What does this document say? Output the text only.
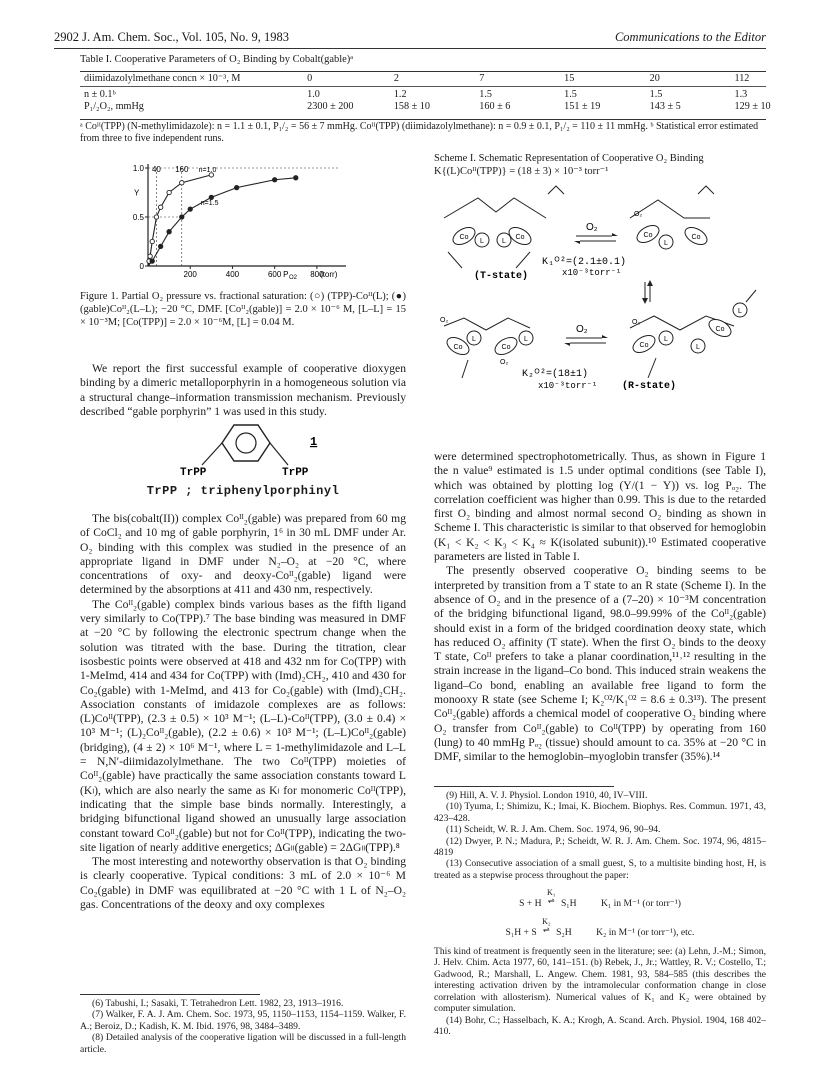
2902 J. Am. Chem. Soc., Vol. 105, No. 9, 1983	Communications to the Editor
Table I. Cooperative Parameters of O₂ Binding by Cobalt(gable)ᵃ
diimidazolylmethane concn × 10⁻³, M	0	2	7	15	20	112
n ± 0.1ᵇ	1.0	1.2	1.5	1.5	1.5	1.3
P₁/₂O₂, mmHg	2300 ± 200	158 ± 10	160 ± 6	151 ± 19	143 ± 5	129 ± 10
ᵃ Coᴵᴵ(TPP) (N-methylimidazole): n = 1.1 ± 0.1, P₁/₂ = 56 ± 7 mmHg. Coᴵᴵ(TPP) (diimidazolylmethane): n = 0.9 ± 0.1, P₁/₂ = 110 ± 11 mmHg. ᵇ Statistical error estimated from three to five independent runs.
1.0
0.5
0
200	400	600	800
40 160
Y
P O2	(torr)
n=1.0
n=1.5
Figure 1. Partial O₂ pressure vs. fractional saturation: (○) (TPP)-Coᴵᴵ(L); (●) (gable)Coᴵᴵ₂(L–L); −20 °C, DMF. [Coᴵᴵ₂(gable)] = 2.0 × 10⁻⁶ M, [L–L] = 15 × 10⁻³M; [Co(TPP)] = 2.0 × 10⁻⁶M, [L] = 0.04 M.

We report the first successful example of cooperative dioxygen binding by a dimeric metalloporphyrin in a homogeneous solution via a structural change–information transmission mechanism. Previously described “gable porphyrin” 1 was used in this study.

TrPP	TrPP
1
TrPP ; triphenylporphinyl

The bis(cobalt(II)) complex Coᴵᴵ₂(gable) was prepared from 60 mg of CoCl₂ and 10 mg of gable porphyrin, 1⁶ in 30 mL DMF under Ar. O₂ binding with this complex was studied in the presence of an appropriate ligand in DMF under N₂–O₂ at −20 °C, where concentrations of oxy- and deoxy-Coᴵᴵ₂(gable) ligand were determined by the absorptions at 411 and 430 nm, respectively.

The Coᴵᴵ₂(gable) complex binds various bases as the fifth ligand very similarly to Co(TPP).⁷ The base binding was measured in DMF at −20 °C by following the electronic spectrum change when the solution was titrated with the base. During the titration, clear isosbestic points were observed at 418 and 432 nm for Co(TPP) with 1-MeImd, 414 and 434 for Co(TPP) with (Imd)₂CH₂, 410 and 430 for Co₂(gable) with 1-MeImd, and 413 for Co₂(gable) with (Imd)₂CH₂. Association constants of imidazole complexes are as follows: (L)Coᴵᴵ(TPP), (2.3 ± 0.5) × 10³ M⁻¹; (L–L)-Coᴵᴵ(TPP), (3.0 ± 0.4) × 10³ M⁻¹; (L)₂Coᴵᴵ₂(gable), (2.2 ± 0.6) × 10³ M⁻¹; (L–L)Coᴵᴵ₂(gable) (bridging), (4 ± 2) × 10⁶ M⁻¹, where L = 1-methylimidazole and L–L = N,N′-diimidazolylmethane. The two Coᴵᴵ(TPP) moieties of Coᴵᴵ₂(gable) have practically the same association constants toward L (Kₗ), which are also nearly the same as Kₗ for monomeric Coᴵᴵ(TPP), indicating that the simple base binds normally. Interestingly, a bridging bifunctional ligand showed an unusually large association constant toward Coᴵᴵ₂(gable) but not for Coᴵᴵ(TPP), indicating the two-site ligation of nearly additive energetics; ΔGₗₗ(gable) = 2ΔGₗₗ(TPP).⁸

The most interesting and noteworthy observation is that O₂ binding is clearly cooperative. Typical conditions: 3 mL of 2.0 × 10⁻⁶ M Co₂(gable) in DMF was equilibrated at −20 °C with 1 L of N₂–O₂ gas. Concentrations of the deoxy and oxy complexes

(6) Tabushi, I.; Sasaki, T. Tetrahedron Lett. 1982, 23, 1913–1916.

(7) Walker, F. A. J. Am. Chem. Soc. 1973, 95, 1150–1153, 1154–1159. Walker, F. A.; Beroiz, D.; Kadish, K. M. Ibid. 1976, 98, 3484–3489.

(8) Detailed analysis of the cooperative ligation will be discussed in a full-length article.

Scheme I. Schematic Representation of Cooperative O₂ Binding K{(L)Coᴵᴵ(TPP)} = (18 ± 3) × 10⁻³ torr⁻¹
Co	Co
L	L
Co	Co
L
O₂
Co	Co
L	L
O₂
O₂
Co
Co
L
L
L
O₂
O₂
O₂
K₁ᴼ²=(2.1±0.1)
x10⁻³torr⁻¹
K₂ᴼ²=(18±1)
x10⁻³torr⁻¹
(T-state)
(R-state)

were determined spectrophotometrically. Thus, as shown in Figure 1 the n value⁹ estimated is 1.5 under optimal conditions (see Table I), which was obtained by plotting log (Y/(1 − Y)) vs. log Pₒ₂. The correlation coefficient was higher than 0.99. This is due to the retarded first O₂ binding and almost normal second O₂ binding as shown in Scheme I. This characteristic is similar to that observed for hemoglobin (K₁ < K₂ < K₃ < K₄ ≈ K(isolated subunit)).¹⁰ Estimated cooperative parameters are listed in Table I.

The presently observed cooperative O₂ binding seems to be interpreted by transition from a T state to an R state (Scheme I). In the absence of O₂ and in the presence of a (7–20) × 10⁻³M concentration of the bridging bifunctional ligand, 98.0–99.99% of the Coᴵᴵ₂(gable) should exist in a form of the bridged coordination deoxy state, which has reduced O₂ affinity (T state). When the first O₂ binds to the deoxy T state, Coᴵᴵ prefers to take a planar coordination,¹¹˒¹² resulting in the strain increase in the ligand–Co bond. This induced strain weakens the ligand–Co bond, enabling an available free ligand to form the monooxy R state (see Scheme I; K₂ᴼ²/K₁ᴼ² = 8.6 ± 0.3¹³). The present Coᴵᴵ₂(gable) affords a chemical model of cooperative O₂ binding where O₂ transfer from Coᴵᴵ₂(gable) to Coᴵᴵ(TPP) by operating from 160 (lung) to 40 mmHg Pₒ₂ (tissue) should amount to ca. 35% at −20 °C in DMF, similar to the hemoglobin–myoglobin transfer (35%).¹⁴

(9) Hill, A. V. J. Physiol. London 1910, 40, IV–VIII.

(10) Tyuma, I.; Shimizu, K.; Imai, K. Biochem. Biophys. Res. Commun. 1971, 43, 423–428.

(11) Scheidt, W. R. J. Am. Chem. Soc. 1974, 96, 90–94.

(12) Dwyer, P. N.; Madura, P.; Scheidt, W. R. J. Am. Chem. Soc. 1974, 96, 4815–4819

(13) Consecutive association of a small guest, S, to a multisite binding host, H, is treated as a stepwise process throughout the paper:

S + H K₁
⇌ S₁H	K₁ in M⁻¹ (or torr⁻¹)
S₁H + S K₂
⇌ S₂H	K₂ in M⁻¹ (or torr⁻¹), etc.

This kind of treatment is frequently seen in the literature; see: (a) Lehn, J.-M.; Simon, J. Helv. Chim. Acta 1977, 60, 141–151. (b) Rebek, J., Jr.; Wattley, R. V.; Costello, T.; Gadwood, R.; Marshall, L. Angew. Chem. 1981, 93, 584–585 (this describes the interesting activation driven by the intramolecular conformation change in close correlation with allosterism). Numerical values of K₁ and K₂ were obtained by computer simulation.

(14) Bohr, C.; Hasselbach, K. A.; Krogh, A. Scand. Arch. Physiol. 1904, 168 402–410.
